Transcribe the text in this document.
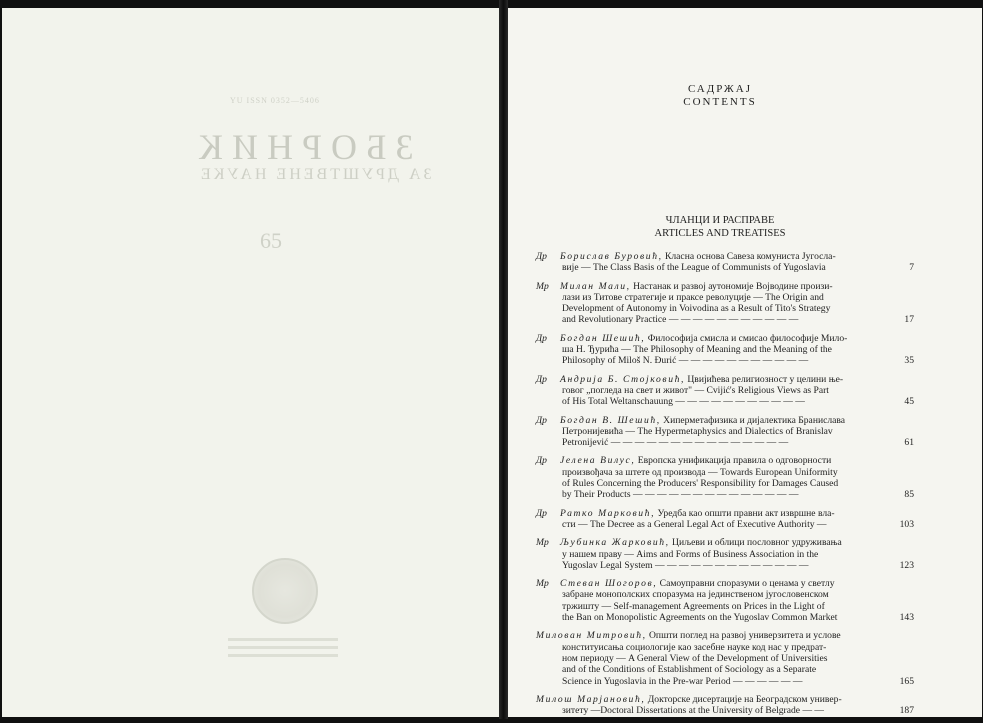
YU ISSN 0352—5406
ЗБОРНИК
ЗА ДРУШТВЕНЕ НАУКЕ
65
САДРЖАЈ
CONTENTS
ЧЛАНЦИ И РАСПРАВЕ
ARTICLES AND TREATISES
Др Борислав Буровић, Класна основа Савеза комуниста Југосла-
вије — The Class Basis of the League of Communists of Yugoslavia	7
Мр Милан Мали, Настанак и развој аутономије Војводине произи-
лази из Титове стратегије и праксе револуције — The Origin and
Development of Autonomy in Voivodina as a Result of Tito's Strategy
and Revolutionary Practice — — — — — — — — — — —	17
Др Богдан Шешић, Философија смисла и смисао философије Мило-
ша Н. Ђурића — The Philosophy of Meaning and the Meaning of the
Philosophy of Miloš N. Đurić — — — — — — — — — — —	35
Др Андрија Б. Стојковић, Цвијићева религиозност у целини ње-
говог „погледа на свет и живот" — Cvijić's Religious Views as Part
of His Total Weltanschauung — — — — — — — — — — —	45
Др Богдан В. Шешић, Хиперметафизика и дијалектика Бранислава
Петронијевића — The Hypermetaphysics and Dialectics of Branislav
Petronijević — — — — — — — — — — — — — — —	61
Др Јелена Вилус, Европска унификација правила о одговорности
произвођача за штете од производа — Towards European Uniformity
of Rules Concerning the Producers' Responsibility for Damages Caused
by Their Products — — — — — — — — — — — — — —	85
Др Ратко Марковић, Уредба као општи правни акт извршне вла-
сти — The Decree as a General Legal Act of Executive Authority —	103
Мр Љубинка Жарковић, Циљеви и облици пословног удруживања
у нашем праву — Aims and Forms of Business Association in the
Yugoslav Legal System — — — — — — — — — — — — —	123
Мр Стеван Шогоров, Самоуправни споразуми о ценама у светлу
забране монополских споразума на јединственом југословенском
тржишту — Self-management Agreements on Prices in the Light of
the Ban on Monopolistic Agreements on the Yugoslav Common Market	143
Милован Митровић, Општи поглед на развој универзитета и услове
конституисања социологије као засебне науке код нас у предрат-
ном периоду — A General View of the Development of Universities
and of the Conditions of Establishment of Sociology as a Separate
Science in Yugoslavia in the Pre-war Period — — — — — —	165
Милош Марјановић, Докторске дисертације на Београдском универ-
зитету —Doctoral Dissertations at the University of Belgrade — —	187
